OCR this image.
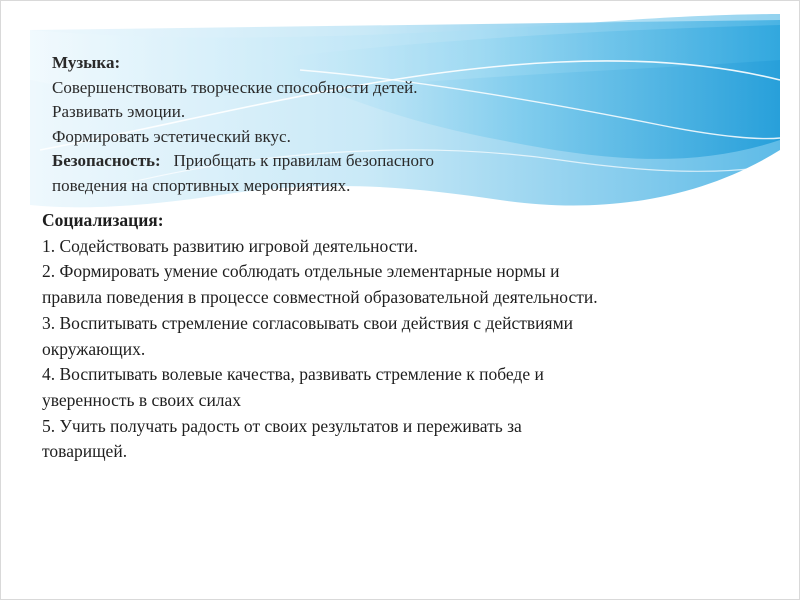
Музыка:

Совершенствовать творческие способности детей.

Развивать эмоции.

Формировать эстетический вкус.

Безопасность: Приобщать к правилам безопасного

поведения на спортивных мероприятиях.

Социализация:

1. Содействовать развитию игровой деятельности.

2. Формировать умение соблюдать отдельные элементарные нормы и

правила поведения в процессе совместной образовательной деятельности.

3. Воспитывать стремление согласовывать свои действия с действиями

окружающих.

4. Воспитывать волевые качества, развивать стремление к победе и

уверенность в своих силах

5. Учить получать радость от своих результатов и переживать за

товарищей.
